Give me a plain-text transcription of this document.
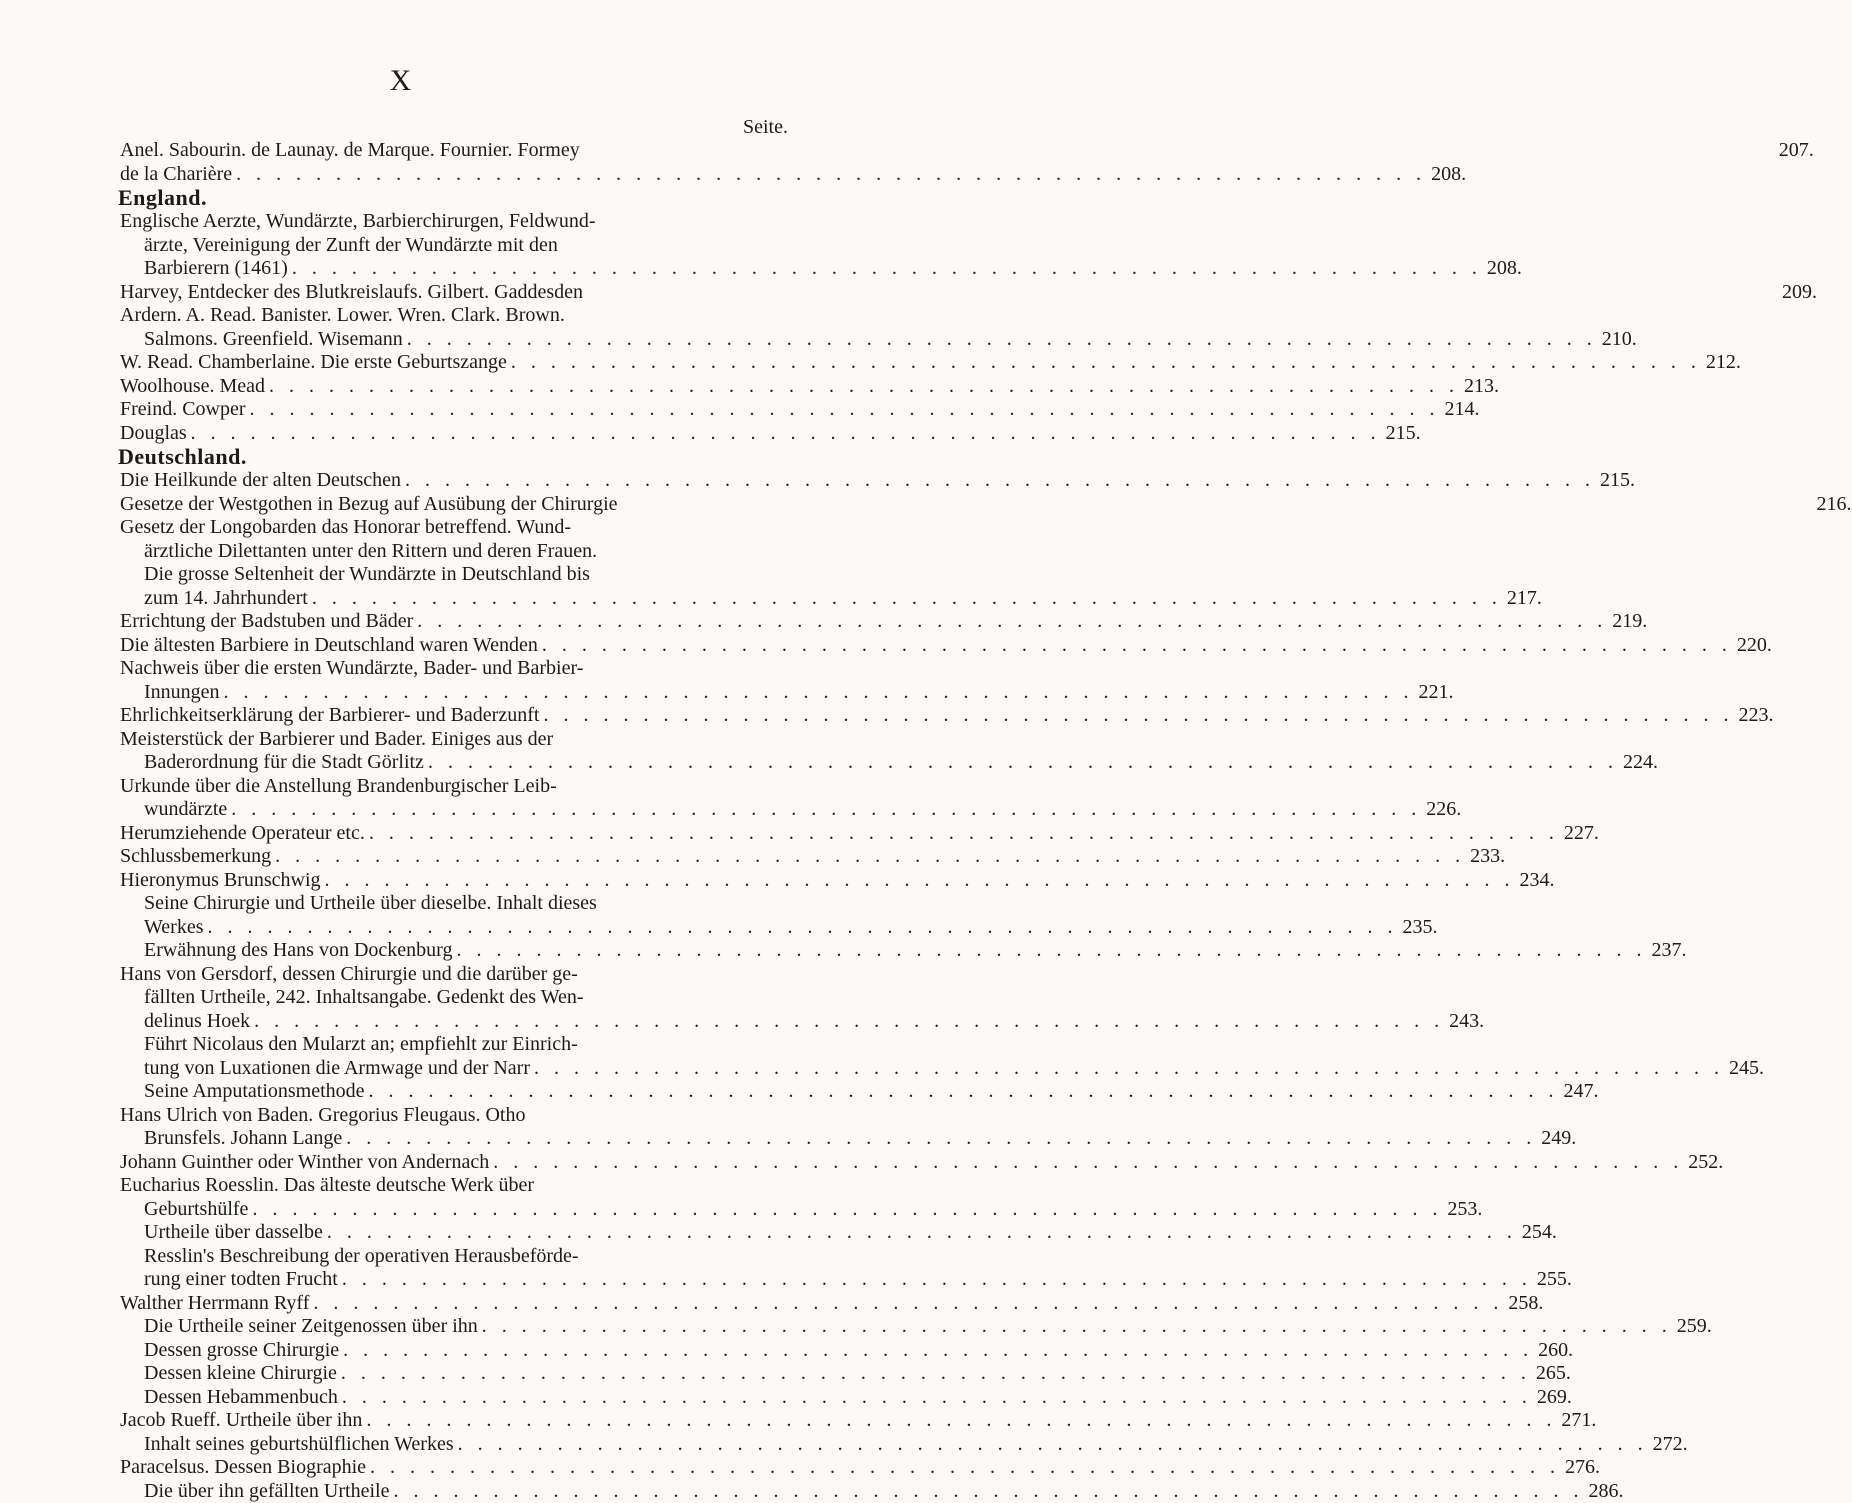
X
Seite.
Anel. Sabourin. de Launay. de Marque. Fournier. Formey	207.
de la Charière . . .	208.
England.
Englische Aerzte, Wundärzte, Barbierchirurgen, Feldwund-
ärzte, Vereinigung der Zunft der Wundärzte mit den
Barbierern (1461) . . .	208.
Harvey, Entdecker des Blutkreislaufs. Gilbert. Gaddesden	209.
Ardern. A. Read. Banister. Lower. Wren. Clark. Brown.
Salmons. Greenfield. Wisemann . . .	210.
W. Read. Chamberlaine. Die erste Geburtszange . . .	212.
Woolhouse. Mead . . .	213.
Freind. Cowper . . .	214.
Douglas . . .	215.
Deutschland.
Die Heilkunde der alten Deutschen . . .	215.
Gesetze der Westgothen in Bezug auf Ausübung der Chirurgie	216.
Gesetz der Longobarden das Honorar betreffend. Wund-
ärztliche Dilettanten unter den Rittern und deren Frauen.
Die grosse Seltenheit der Wundärzte in Deutschland bis
zum 14. Jahrhundert . . .	217.
Errichtung der Badstuben und Bäder . . .	219.
Die ältesten Barbiere in Deutschland waren Wenden . . .	220.
Nachweis über die ersten Wundärzte, Bader- und Barbier-
Innungen . . .	221.
Ehrlichkeitserklärung der Barbierer- und Baderzunft . . .	223.
Meisterstück der Barbierer und Bader. Einiges aus der
Baderordnung für die Stadt Görlitz . . .	224.
Urkunde über die Anstellung Brandenburgischer Leib-
wundärzte . . .	226.
Herumziehende Operateur etc. . . .	227.
Schlussbemerkung . . .	233.
Hieronymus Brunschwig . . .	234.
Seine Chirurgie und Urtheile über dieselbe. Inhalt dieses
Werkes . . .	235.
Erwähnung des Hans von Dockenburg . . .	237.
Hans von Gersdorf, dessen Chirurgie und die darüber ge-
fällten Urtheile, 242. Inhaltsangabe. Gedenkt des Wen-
delinus Hoek . . .	243.
Führt Nicolaus den Mularzt an; empfiehlt zur Einrich-
tung von Luxationen die Armwage und der Narr . . .	245.
Seine Amputationsmethode . . .	247.
Hans Ulrich von Baden. Gregorius Fleugaus. Otho
Brunsfels. Johann Lange . . .	249.
Johann Guinther oder Winther von Andernach . . .	252.
Eucharius Roesslin. Das älteste deutsche Werk über
Geburtshülfe . . .	253.
Urtheile über dasselbe . . .	254.
Resslin's Beschreibung der operativen Herausbeförde-
rung einer todten Frucht . . .	255.
Walther Herrmann Ryff . . .	258.
Die Urtheile seiner Zeitgenossen über ihn . . .	259.
Dessen grosse Chirurgie . . .	260.
Dessen kleine Chirurgie . . .	265.
Dessen Hebammenbuch . . .	269.
Jacob Rueff. Urtheile über ihn . . .	271.
Inhalt seines geburtshülflichen Werkes . . .	272.
Paracelsus. Dessen Biographie . . .	276.
Die über ihn gefällten Urtheile . . .	286.
